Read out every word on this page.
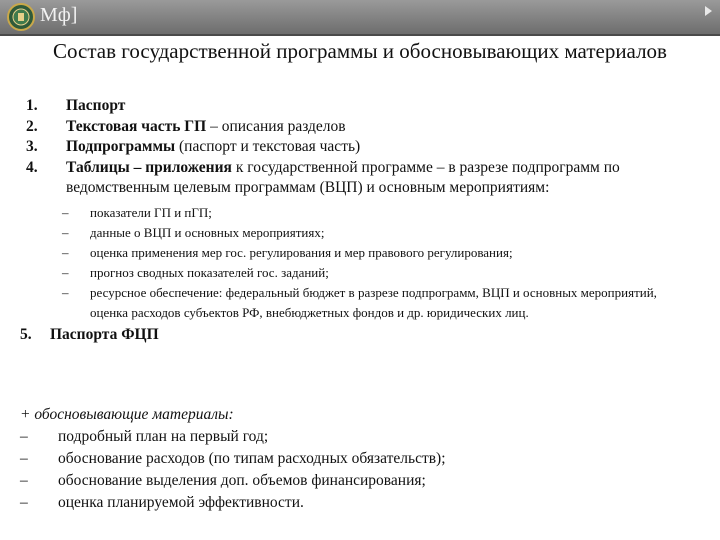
Мф]
Состав государственной программы и обосновывающих материалов
1. Паспорт
2. Текстовая часть ГП – описания разделов
3. Подпрограммы (паспорт и текстовая часть)
4. Таблицы – приложения к государственной программе – в разрезе подпрограмм по ведомственным целевым программам (ВЦП) и основным мероприятиям:
– показатели ГП и пГП;
– данные о ВЦП и основных мероприятиях;
– оценка применения мер гос. регулирования и мер правового регулирования;
– прогноз сводных показателей гос. заданий;
– ресурсное обеспечение: федеральный бюджет в разрезе подпрограмм, ВЦП и основных мероприятий, оценка расходов субъектов РФ, внебюджетных фондов и др. юридических лиц.
5. Паспорта ФЦП
+ обосновывающие материалы:
– подробный план на первый год;
– обоснование расходов (по типам расходных обязательств);
– обоснование выделения доп. объемов финансирования;
– оценка планируемой эффективности.
